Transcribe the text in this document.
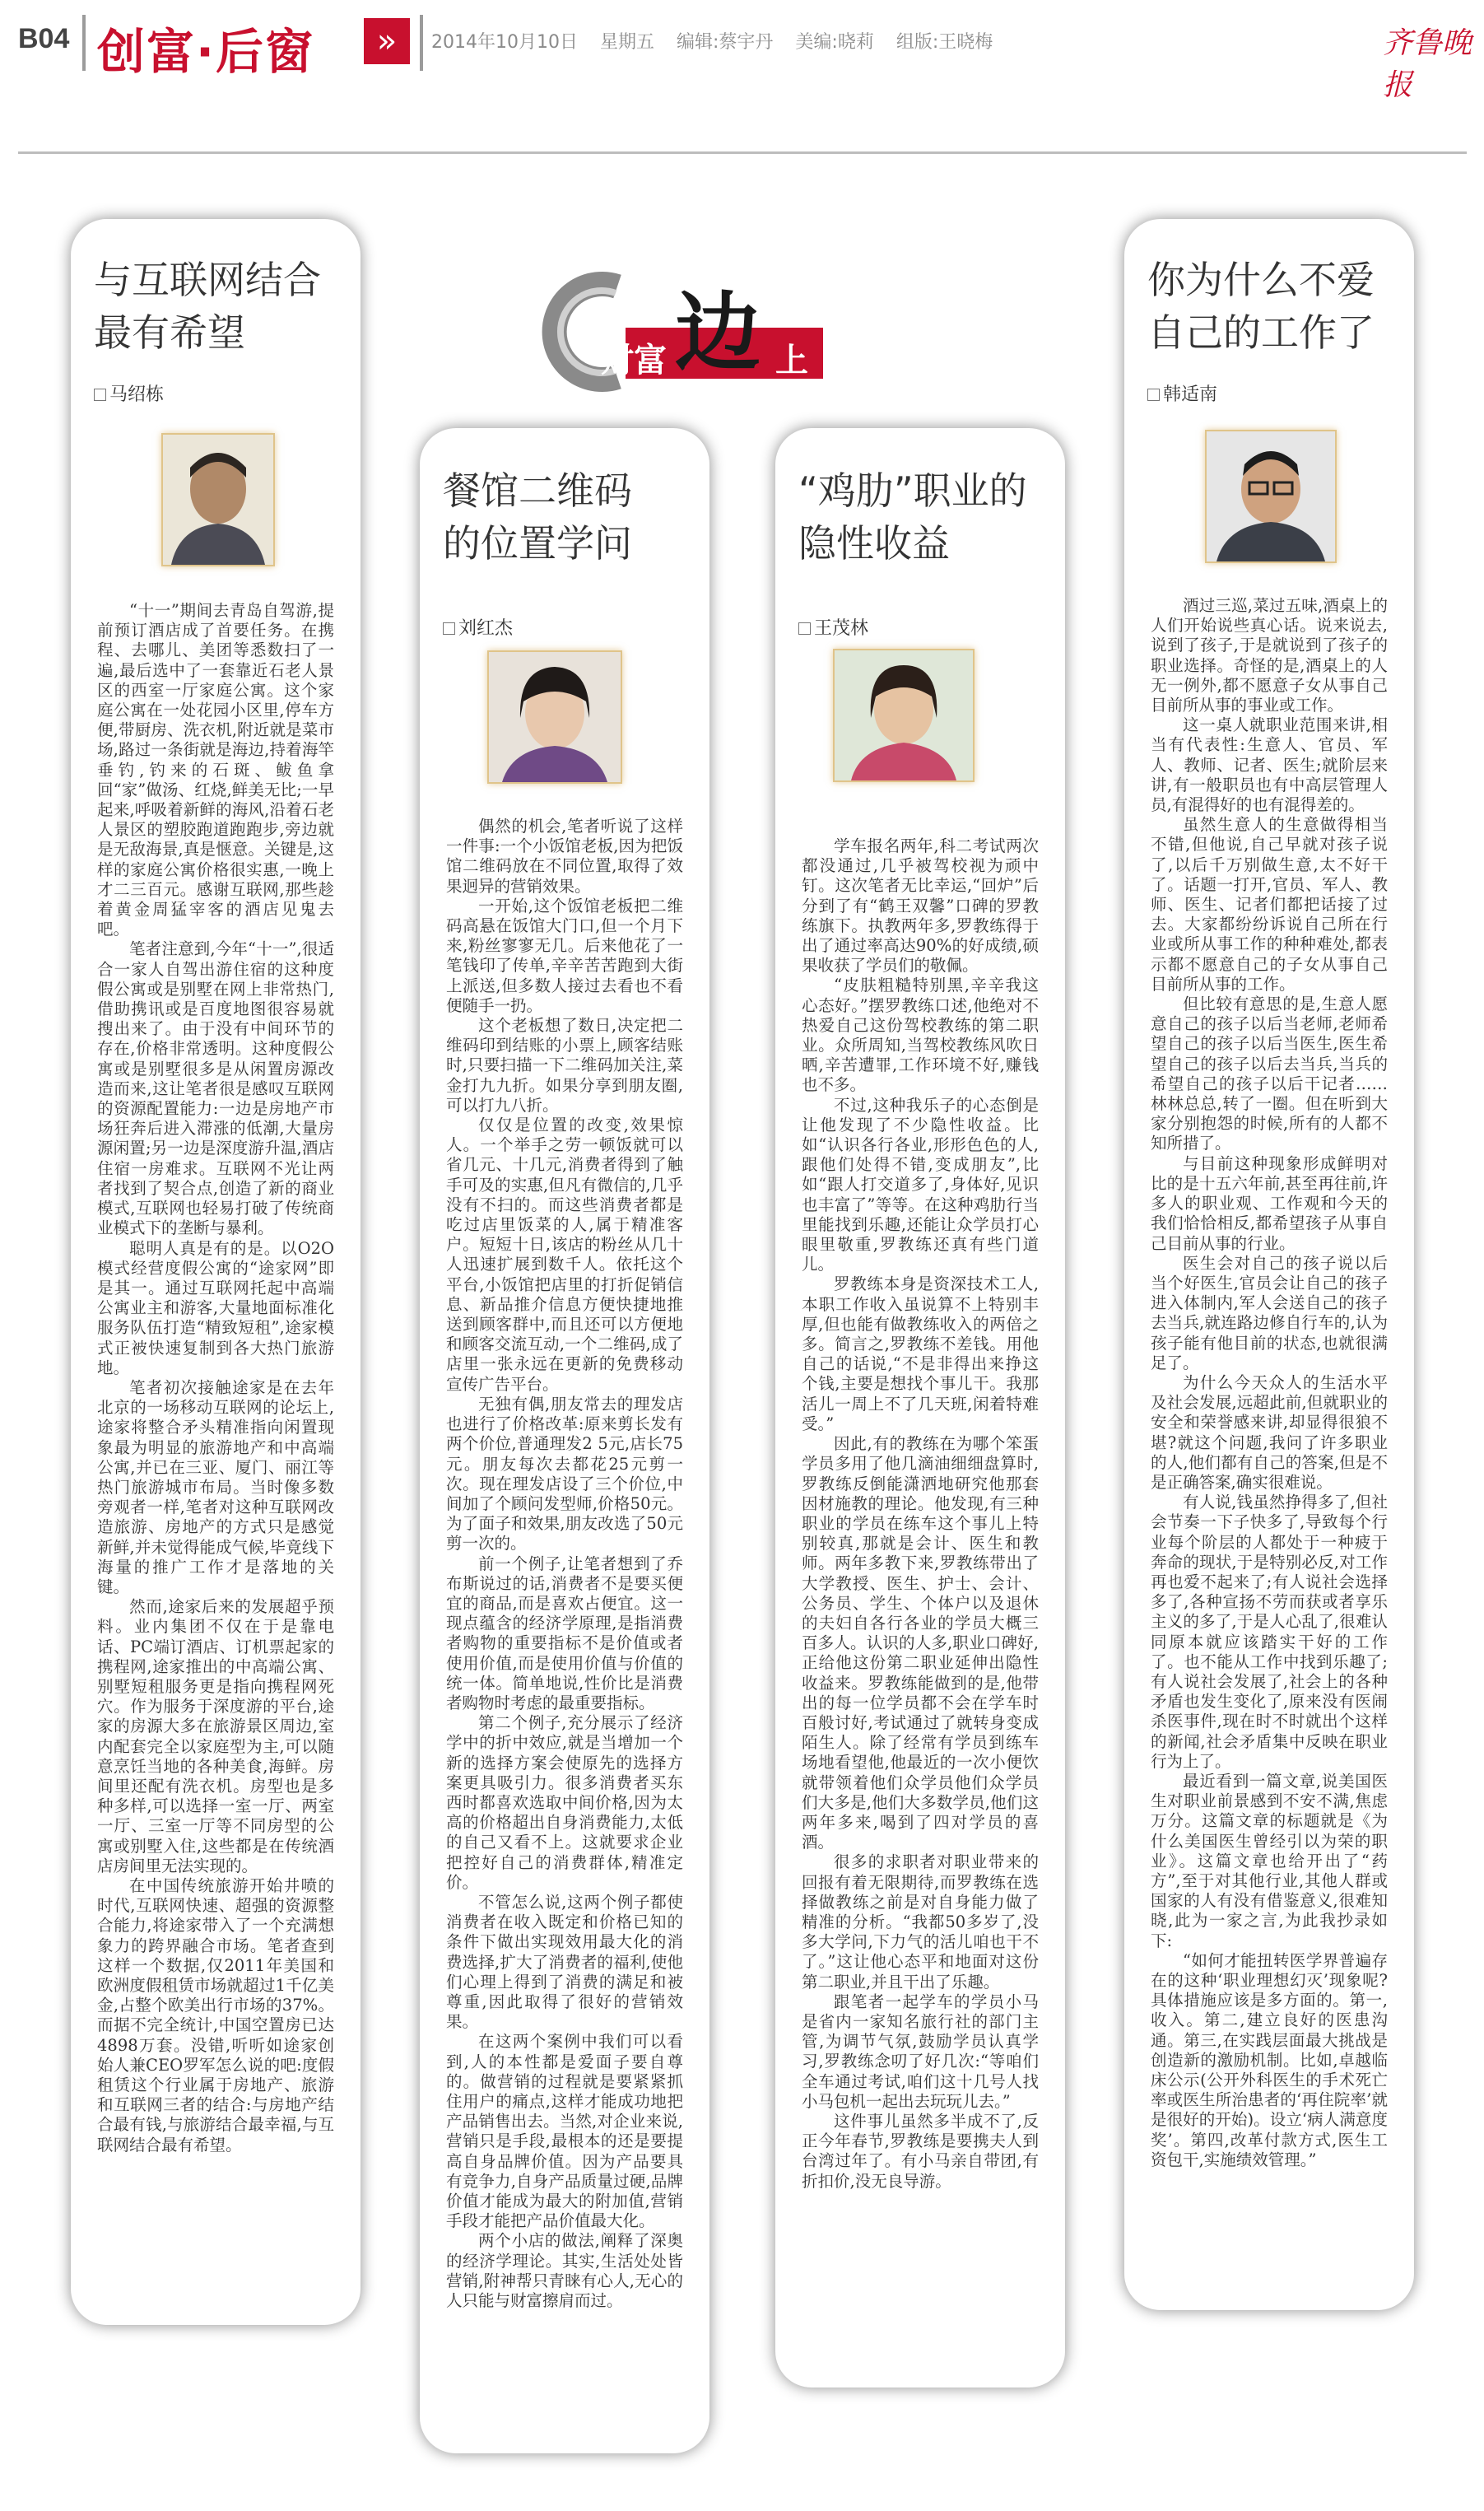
B04 创富·后窗	»	2014年10月10日 星期五 编辑:蔡宇丹 美编:晓莉 组版:王晓梅	齐鲁晚报
财富 边 上
与互联网结合
最有希望
马绍栋

“十一”期间去青岛自驾游,提前预订酒店成了首要任务。在携程、去哪儿、美团等悉数扫了一遍,最后选中了一套靠近石老人景区的西室一厅家庭公寓。这个家庭公寓在一处花园小区里,停车方便,带厨房、洗衣机,附近就是菜市场,路过一条街就是海边,持着海竿垂钓,钓来的石斑、鲅鱼拿回“家”做汤、红烧,鲜美无比;一早起来,呼吸着新鲜的海风,沿着石老人景区的塑胶跑道跑跑步,旁边就是无敌海景,真是惬意。关键是,这样的家庭公寓价格很实惠,一晚上才二三百元。感谢互联网,那些趁着黄金周猛宰客的酒店见鬼去吧。

笔者注意到,今年“十一”,很适合一家人自驾出游住宿的这种度假公寓或是别墅在网上非常热门,借助携讯或是百度地图很容易就搜出来了。由于没有中间环节的存在,价格非常透明。这种度假公寓或是别墅很多是从闲置房源改造而来,这让笔者很是感叹互联网的资源配置能力:一边是房地产市场狂奔后进入滞涨的低潮,大量房源闲置;另一边是深度游升温,酒店住宿一房难求。互联网不光让两者找到了契合点,创造了新的商业模式,互联网也轻易打破了传统商业模式下的垄断与暴利。

聪明人真是有的是。以O2O模式经营度假公寓的“途家网”即是其一。通过互联网托起中高端公寓业主和游客,大量地面标准化服务队伍打造“精致短租”,途家模式正被快速复制到各大热门旅游地。

笔者初次接触途家是在去年北京的一场移动互联网的论坛上,途家将整合矛头精准指向闲置现象最为明显的旅游地产和中高端公寓,并已在三亚、厦门、丽江等热门旅游城市布局。当时像多数旁观者一样,笔者对这种互联网改造旅游、房地产的方式只是感觉新鲜,并未觉得能成气候,毕竟线下海量的推广工作才是落地的关键。

然而,途家后来的发展超乎预料。业内集团不仅在于是靠电话、PC端订酒店、订机票起家的携程网,途家推出的中高端公寓、别墅短租服务更是指向携程网死穴。作为服务于深度游的平台,途家的房源大多在旅游景区周边,室内配套完全以家庭型为主,可以随意烹饪当地的各种美食,海鲜。房间里还配有洗衣机。房型也是多种多样,可以选择一室一厅、两室一厅、三室一厅等不同房型的公寓或别墅入住,这些都是在传统酒店房间里无法实现的。

在中国传统旅游开始井喷的时代,互联网快速、超强的资源整合能力,将途家带入了一个充满想象力的跨界融合市场。笔者查到这样一个数据,仅2011年美国和欧洲度假租赁市场就超过1千亿美金,占整个欧美出行市场的37%。而据不完全统计,中国空置房已达4898万套。没错,听听如途家创始人兼CEO罗军怎么说的吧:度假租赁这个行业属于房地产、旅游和互联网三者的结合:与房地产结合最有钱,与旅游结合最幸福,与互联网结合最有希望。

餐馆二维码
的位置学问
刘红杰

偶然的机会,笔者听说了这样一件事:一个小饭馆老板,因为把饭馆二维码放在不同位置,取得了效果迥异的营销效果。

一开始,这个饭馆老板把二维码高悬在饭馆大门口,但一个月下来,粉丝寥寥无几。后来他花了一笔钱印了传单,辛辛苦苦跑到大街上派送,但多数人接过去看也不看便随手一扔。

这个老板想了数日,决定把二维码印到结账的小票上,顾客结账时,只要扫描一下二维码加关注,菜金打九九折。如果分享到朋友圈,可以打九八折。

仅仅是位置的改变,效果惊人。一个举手之劳一顿饭就可以省几元、十几元,消费者得到了触手可及的实惠,但凡有微信的,几乎没有不扫的。而这些消费者都是吃过店里饭菜的人,属于精准客户。短短十日,该店的粉丝从几十人迅速扩展到数千人。依托这个平台,小饭馆把店里的打折促销信息、新品推介信息方便快捷地推送到顾客群中,而且还可以方便地和顾客交流互动,一个二维码,成了店里一张永远在更新的免费移动宣传广告平台。

无独有偶,朋友常去的理发店也进行了价格改革:原来剪长发有两个价位,普通理发2 5元,店长75元。朋友每次去都花25元剪一次。现在理发店设了三个价位,中间加了个顾问发型师,价格50元。为了面子和效果,朋友改选了50元剪一次的。

前一个例子,让笔者想到了乔布斯说过的话,消费者不是要买便宜的商品,而是喜欢占便宜。这一现点蕴含的经济学原理,是指消费者购物的重要指标不是价值或者使用价值,而是使用价值与价值的统一体。简单地说,性价比是消费者购物时考虑的最重要指标。

第二个例子,充分展示了经济学中的折中效应,就是当增加一个新的选择方案会使原先的选择方案更具吸引力。很多消费者买东西时都喜欢选取中间价格,因为太高的价格超出自身消费能力,太低的自己又看不上。这就要求企业把控好自己的消费群体,精准定价。

不管怎么说,这两个例子都使消费者在收入既定和价格已知的条件下做出实现效用最大化的消费选择,扩大了消费者的福利,使他们心理上得到了消费的满足和被尊重,因此取得了很好的营销效果。

在这两个案例中我们可以看到,人的本性都是爱面子要自尊的。做营销的过程就是要紧紧抓住用户的痛点,这样才能成功地把产品销售出去。当然,对企业来说,营销只是手段,最根本的还是要提高自身品牌价值。因为产品要具有竞争力,自身产品质量过硬,品牌价值才能成为最大的附加值,营销手段才能把产品价值最大化。

两个小店的做法,阐释了深奥的经济学理论。其实,生活处处皆营销,附神帮只青睐有心人,无心的人只能与财富擦肩而过。

“鸡肋”职业的
隐性收益
王茂林

学车报名两年,科二考试两次都没通过,几乎被驾校视为顽中钉。这次笔者无比幸运,“回炉”后分到了有“鹤王双馨”口碑的罗教练旗下。执教两年多,罗教练得于出了通过率高达90%的好成绩,硕果收获了学员们的敬佩。

“皮肤粗糙特别黑,辛辛我这心态好。”摆罗教练口述,他绝对不热爱自己这份驾校教练的第二职业。众所周知,当驾校教练风吹日晒,辛苦遭罪,工作环境不好,赚钱也不多。

不过,这种我乐子的心态倒是让他发现了不少隐性收益。比如“认识各行各业,形形色色的人,跟他们处得不错,变成朋友”,比如“跟人打交道多了,身体好,见识也丰富了”等等。在这种鸡肋行当里能找到乐趣,还能让众学员打心眼里敬重,罗教练还真有些门道儿。

罗教练本身是资深技术工人,本职工作收入虽说算不上特别丰厚,但也能有做教练收入的两倍之多。简言之,罗教练不差钱。用他自己的话说,“不是非得出来挣这个钱,主要是想找个事儿干。我那活儿一周上不了几天班,闲着特难受。”

因此,有的教练在为哪个笨蛋学员多用了他几滴油细细盘算时,罗教练反倒能潇洒地研究他那套因材施教的理论。他发现,有三种职业的学员在练车这个事儿上特别较真,那就是会计、医生和教师。两年多教下来,罗教练带出了大学教授、医生、护士、会计、公务员、学生、个体户以及退休的夫妇自各行各业的学员大概三百多人。认识的人多,职业口碑好,正给他这份第二职业延伸出隐性收益来。罗教练能做到的是,他带出的每一位学员都不会在学车时百般讨好,考试通过了就转身变成陌生人。除了经常有学员到练车场地看望他,他最近的一次小便饮就带领着他们众学员他们众学员们大多是,他们大多数学员,他们这两年多来,喝到了四对学员的喜酒。

很多的求职者对职业带来的回报有着无限期待,而罗教练在选择做教练之前是对自身能力做了精准的分析。“我都50多岁了,没多大学问,下力气的活儿咱也干不了。”这让他心态平和地面对这份第二职业,并且干出了乐趣。

跟笔者一起学车的学员小马是省内一家知名旅行社的部门主管,为调节气氛,鼓励学员认真学习,罗教练念叨了好几次:“等咱们全车通过考试,咱们这十几号人找小马包机一起出去玩玩儿去。”

这件事儿虽然多半成不了,反正今年春节,罗教练是要携夫人到台湾过年了。有小马亲自带团,有折扣价,没无良导游。

你为什么不爱
自己的工作了
韩适南

酒过三巡,菜过五味,酒桌上的人们开始说些真心话。说来说去,说到了孩子,于是就说到了孩子的职业选择。奇怪的是,酒桌上的人无一例外,都不愿意子女从事自己目前所从事的事业或工作。

这一桌人就职业范围来讲,相当有代表性:生意人、官员、军人、教师、记者、医生;就阶层来讲,有一般职员也有中高层管理人员,有混得好的也有混得差的。

虽然生意人的生意做得相当不错,但他说,自己早就对孩子说了,以后千万别做生意,太不好干了。话题一打开,官员、军人、教师、医生、记者们都把话接了过去。大家都纷纷诉说自己所在行业或所从事工作的种种难处,都表示都不愿意自己的子女从事自己目前所从事的工作。

但比较有意思的是,生意人愿意自己的孩子以后当老师,老师希望自己的孩子以后当医生,医生希望自己的孩子以后去当兵,当兵的希望自己的孩子以后干记者……林林总总,转了一圈。但在听到大家分别抱怨的时候,所有的人都不知所措了。

与目前这种现象形成鲜明对比的是十五六年前,甚至再往前,许多人的职业观、工作观和今天的我们恰恰相反,都希望孩子从事自己目前从事的行业。

医生会对自己的孩子说以后当个好医生,官员会让自己的孩子进入体制内,军人会送自己的孩子去当兵,就连路边修自行车的,认为孩子能有他目前的状态,也就很满足了。

为什么今天众人的生活水平及社会发展,远超此前,但就职业的安全和荣誉感来讲,却显得很狼不堪?就这个问题,我问了许多职业的人,他们都有自己的答案,但是不是正确答案,确实很难说。

有人说,钱虽然挣得多了,但社会节奏一下子快多了,导致每个行业每个阶层的人都处于一种疲于奔命的现状,于是特别必反,对工作再也爱不起来了;有人说社会选择多了,各种宣扬不劳而获或者享乐主义的多了,于是人心乱了,很难认同原本就应该踏实干好的工作了。也不能从工作中找到乐趣了;有人说社会发展了,社会上的各种矛盾也发生变化了,原来没有医闹杀医事件,现在时不时就出个这样的新闻,社会矛盾集中反映在职业行为上了。

最近看到一篇文章,说美国医生对职业前景感到不安不满,焦虑万分。这篇文章的标题就是《为什么美国医生曾经引以为荣的职业》。这篇文章也给开出了“药方”,至于对其他行业,其他人群或国家的人有没有借鉴意义,很难知晓,此为一家之言,为此我抄录如下:

“如何才能扭转医学界普遍存在的这种‘职业理想幻灭’现象呢?具体措施应该是多方面的。第一,收入。第二,建立良好的医患沟通。第三,在实践层面最大挑战是创造新的激励机制。比如,卓越临床公示(公开外科医生的手术死亡率或医生所治患者的‘再住院率’就是很好的开始)。设立‘病人满意度奖’。第四,改革付款方式,医生工资包干,实施绩效管理。”
